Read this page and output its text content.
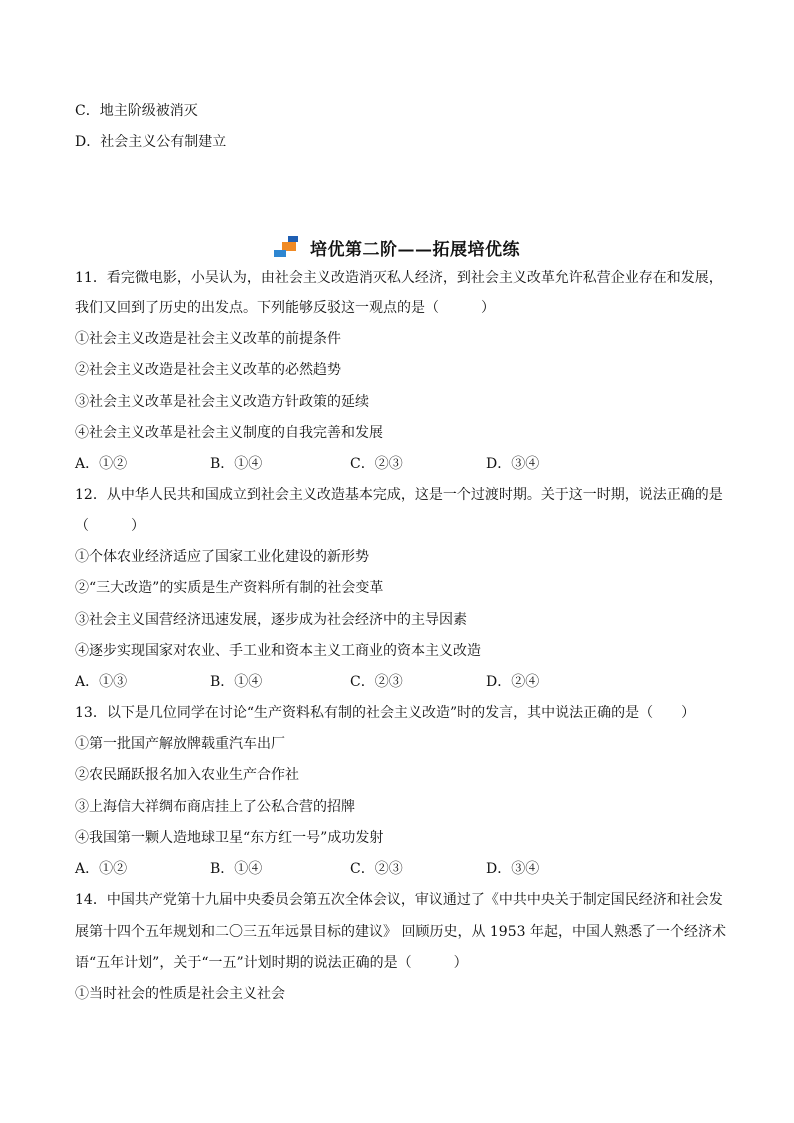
C．地主阶级被消灭
D．社会主义公有制建立
培优第二阶——拓展培优练
11．看完微电影，小吴认为，由社会主义改造消灭私人经济，到社会主义改革允许私营企业存在和发展，
我们又回到了历史的出发点。下列能够反驳这一观点的是（　　　）
①社会主义改造是社会主义改革的前提条件
②社会主义改造是社会主义改革的必然趋势
③社会主义改革是社会主义改造方针政策的延续
④社会主义改革是社会主义制度的自我完善和发展
A．①②	B．①④	C．②③	D．③④
12．从中华人民共和国成立到社会主义改造基本完成，这是一个过渡时期。关于这一时期，说法正确的是
（　　　）
①个体农业经济适应了国家工业化建设的新形势
②“三大改造”的实质是生产资料所有制的社会变革
③社会主义国营经济迅速发展，逐步成为社会经济中的主导因素
④逐步实现国家对农业、手工业和资本主义工商业的资本主义改造
A．①③	B．①④	C．②③	D．②④
13．以下是几位同学在讨论“生产资料私有制的社会主义改造”时的发言，其中说法正确的是（　　）
①第一批国产解放牌载重汽车出厂
②农民踊跃报名加入农业生产合作社
③上海信大祥绸布商店挂上了公私合营的招牌
④我国第一颗人造地球卫星“东方红一号”成功发射
A．①②	B．①④	C．②③	D．③④
14．中国共产党第十九届中央委员会第五次全体会议，审议通过了《中共中央关于制定国民经济和社会发
展第十四个五年规划和二〇三五年远景目标的建议》 回顾历史，从 1953 年起，中国人熟悉了一个经济术
语“五年计划”，关于“一五”计划时期的说法正确的是（　　　）
①当时社会的性质是社会主义社会
